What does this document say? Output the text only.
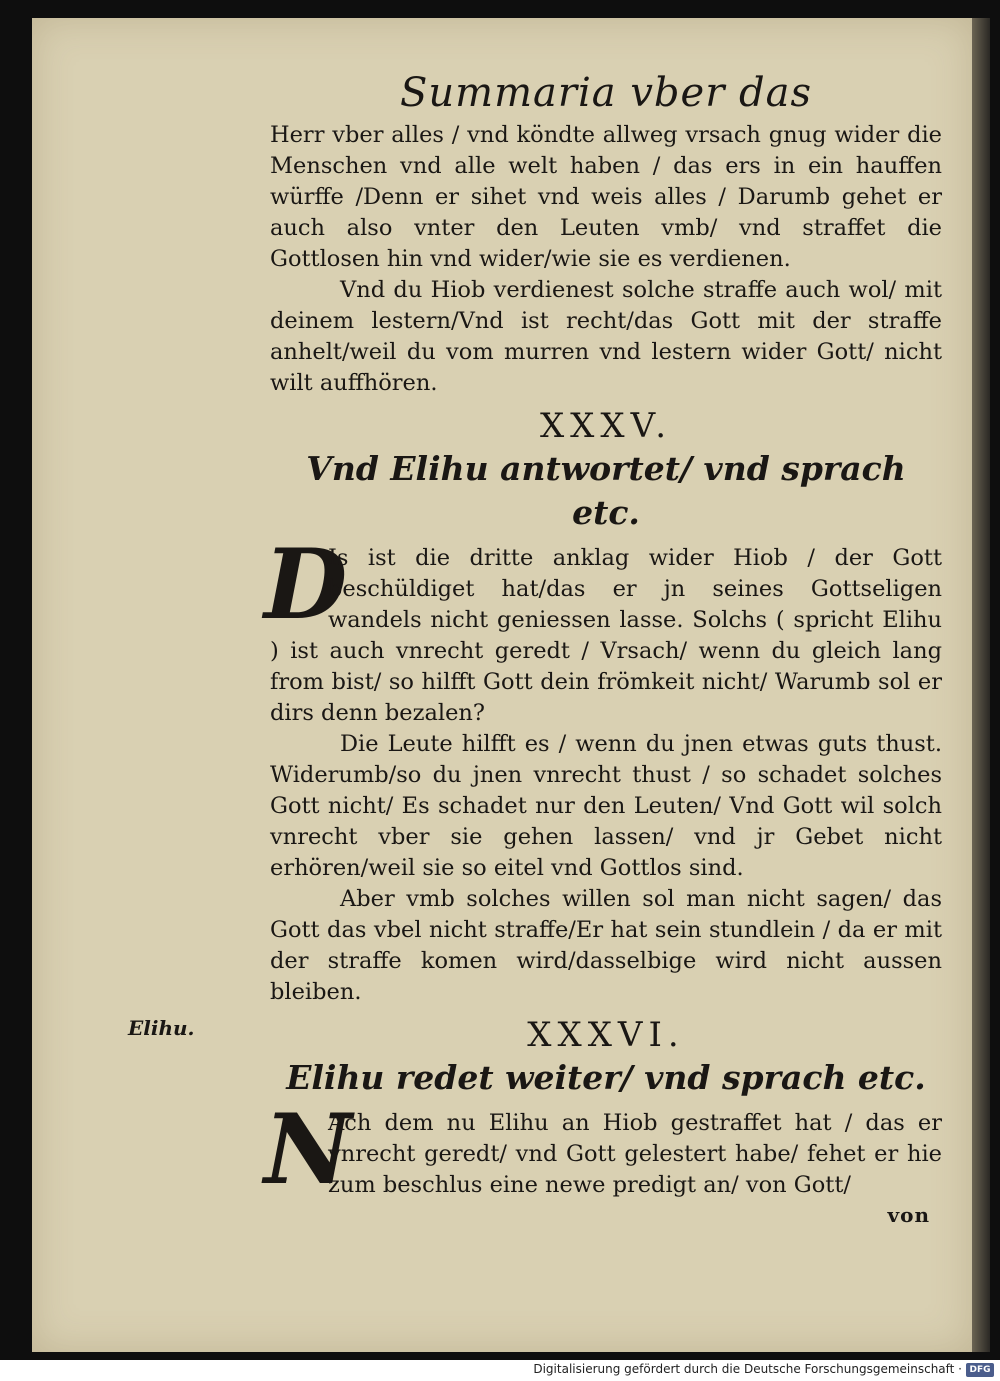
Elihu.
Summaria vber das

Herr vber alles / vnd köndte allweg vrsach gnug wider die Menschen vnd alle welt haben / das ers in ein hauffen würffe /Denn er sihet vnd weis alles / Darumb gehet er auch also vnter den Leuten vmb/ vnd straffet die Gottlosen hin vnd wider/wie sie es verdienen.

Vnd du Hiob verdienest solche straffe auch wol/ mit deinem lestern/Vnd ist recht/das Gott mit der straffe anhelt/weil du vom murren vnd lestern wider Gott/ nicht wilt auffhören.

XXXV.
Vnd Elihu antwortet/ vnd sprach etc.

D
Is ist die dritte anklag wider Hiob / der Gott beschüldiget hat/das er jn seines Gottseligen wandels nicht geniessen lasse. Solchs ( spricht Elihu ) ist auch vnrecht geredt / Vrsach/ wenn du gleich lang from bist/ so hilfft Gott dein frömkeit nicht/ Warumb sol er dirs denn bezalen?

Die Leute hilfft es / wenn du jnen etwas guts thust. Widerumb/so du jnen vnrecht thust / so schadet solches Gott nicht/ Es schadet nur den Leuten/ Vnd Gott wil solch vnrecht vber sie gehen lassen/ vnd jr Gebet nicht erhören/weil sie so eitel vnd Gottlos sind.

Aber vmb solches willen sol man nicht sagen/ das Gott das vbel nicht straffe/Er hat sein stundlein / da er mit der straffe komen wird/dasselbige wird nicht aussen bleiben.

XXXVI.
Elihu redet weiter/ vnd sprach etc.

N
Ach dem nu Elihu an Hiob gestraffet hat / das er vnrecht geredt/ vnd Gott gelestert habe/ fehet er hie zum beschlus eine newe predigt an/ von Gott/

von
Digitalisierung gefördert durch die Deutsche Forschungsgemeinschaft · DFG
